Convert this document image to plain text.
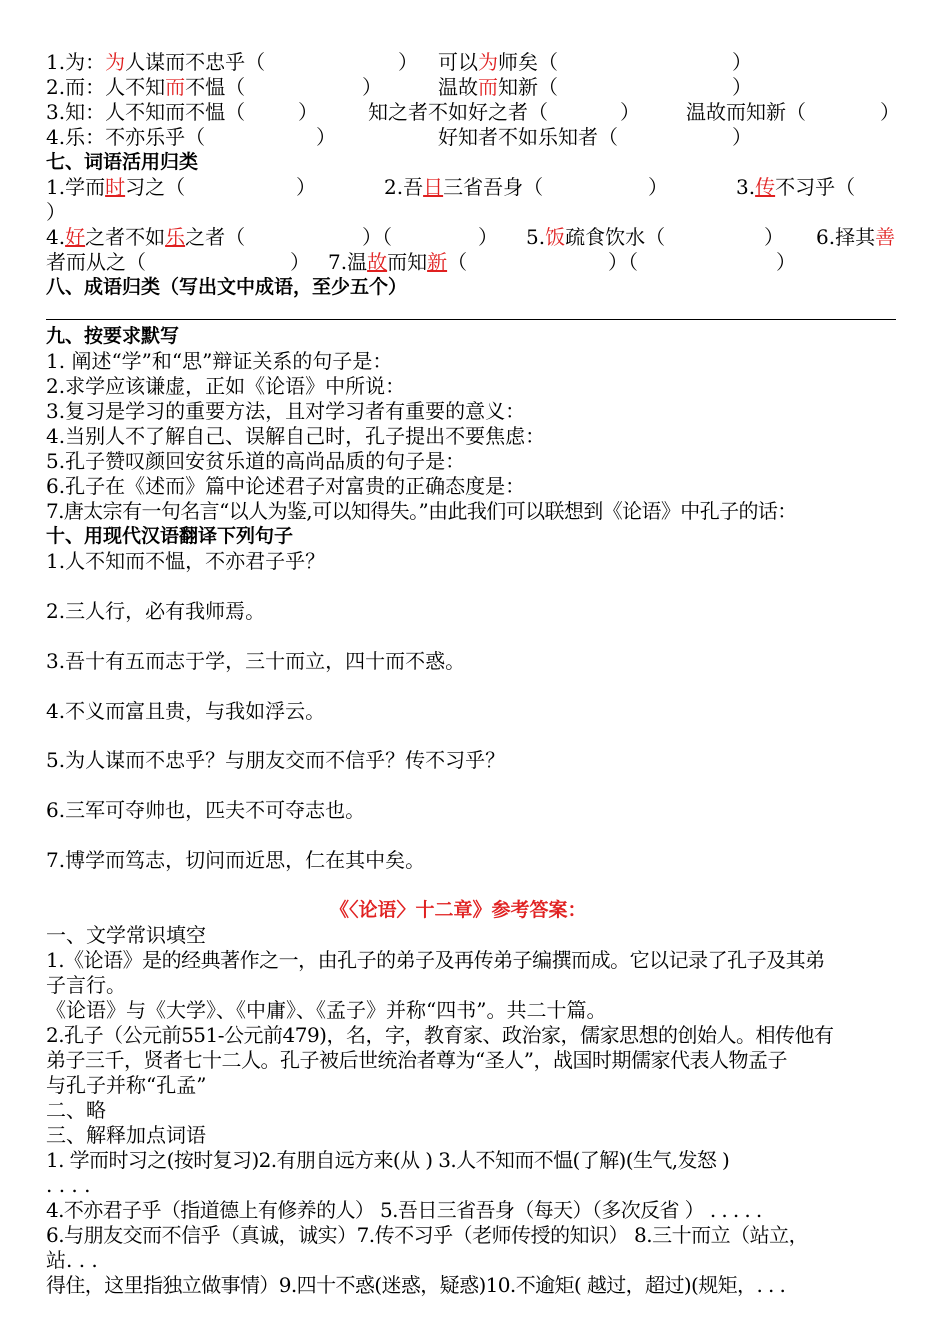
1.为：为人谋而不忠乎（	） 可以为师矣（	）
2.而：人不知而不愠（	）	温故而知新（	）
3.知：人不知而不愠（	）	知之者不如好之者（	） 温故而知新（	）
4.乐：不亦乐乎（	）	好知者不如乐知者（	）
七、词语活用归类
1.学而时习之（	）	2.吾日三省吾身（	）	3.传不习乎（
）
4.好之者不如乐之者（	）（	） 5.饭疏食饮水（	） 6.择其善
者而从之（	） 7.温故而知新（	）（	）
八、成语归类（写出文中成语，至少五个）
九、按要求默写
1. 阐述“学”和“思”辩证关系的句子是：
2.求学应该谦虚，正如《论语》中所说：
3.复习是学习的重要方法，且对学习者有重要的意义：
4.当别人不了解自己、误解自己时，孔子提出不要焦虑：
5.孔子赞叹颜回安贫乐道的高尚品质的句子是：
6.孔子在《述而》篇中论述君子对富贵的正确态度是：
7.唐太宗有一句名言“以人为鉴,可以知得失。”由此我们可以联想到《论语》中孔子的话：
十、用现代汉语翻译下列句子
1.人不知而不愠，不亦君子乎？
2.三人行，必有我师焉。
3.吾十有五而志于学，三十而立，四十而不惑。
4.不义而富且贵，与我如浮云。
5.为人谋而不忠乎？与朋友交而不信乎？传不习乎？
6.三军可夺帅也，匹夫不可夺志也。
7.博学而笃志，切问而近思，仁在其中矣。
《〈论语〉十二章》参考答案：
一、文学常识填空
1.《论语》是的经典著作之一，由孔子的弟子及再传弟子编撰而成。它以记录了孔子及其弟
子言行。
《论语》与《大学》、《中庸》、《孟子》并称“四书”。共二十篇。
2.孔子（公元前551-公元前479)，名，字，教育家、政治家，儒家思想的创始人。相传他有
弟子三千，贤者七十二人。孔子被后世统治者尊为“圣人”，战国时期儒家代表人物孟子
与孔子并称“孔孟”
二、略
三、解释加点词语
1. 学而时习之(按时复习)2.有朋自远方来(从 ) 3.人不知而不愠(了解)(生气,发怒 )
. . . .
4.不亦君子乎（指道德上有修养的人） 5.吾日三省吾身（每天）（多次反省 ） . . . . .
6.与朋友交而不信乎（真诚，诚实）7.传不习乎（老师传授的知识） 8.三十而立（站立，
站. . .
得住，这里指独立做事情）9.四十不惑(迷惑，疑惑)10.不逾矩( 越过，超过)(规矩，. . .
